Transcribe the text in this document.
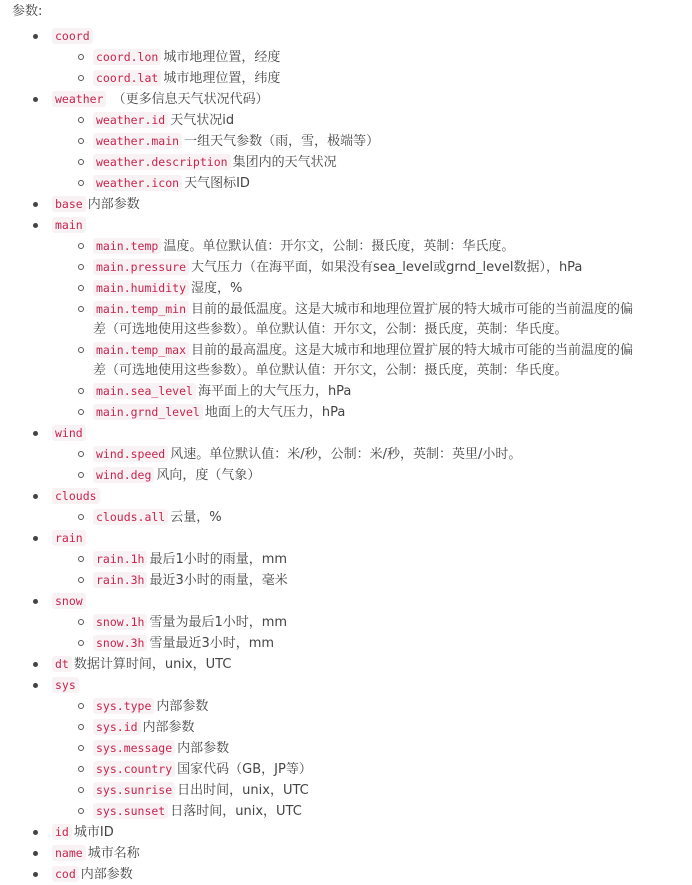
参数:
coord
coord.lon 城市地理位置，经度
coord.lat 城市地理位置，纬度
weather （更多信息天气状况代码）
weather.id 天气状况id
weather.main 一组天气参数（雨，雪，极端等）
weather.description 集团内的天气状况
weather.icon 天气图标ID
base 内部参数
main
main.temp 温度。单位默认值：开尔文，公制：摄氏度，英制：华氏度。
main.pressure 大气压力（在海平面，如果没有sea_level或grnd_level数据），hPa
main.humidity 湿度，%
main.temp_min 目前的最低温度。这是大城市和地理位置扩展的特大城市可能的当前温度的偏差（可选地使用这些参数）。单位默认值：开尔文，公制：摄氏度，英制：华氏度。
main.temp_max 目前的最高温度。这是大城市和地理位置扩展的特大城市可能的当前温度的偏差（可选地使用这些参数）。单位默认值：开尔文，公制：摄氏度，英制：华氏度。
main.sea_level 海平面上的大气压力，hPa
main.grnd_level 地面上的大气压力，hPa
wind
wind.speed 风速。单位默认值：米/秒，公制：米/秒，英制：英里/小时。
wind.deg 风向，度（气象）
clouds
clouds.all 云量，%
rain
rain.1h 最后1小时的雨量，mm
rain.3h 最近3小时的雨量，毫米
snow
snow.1h 雪量为最后1小时，mm
snow.3h 雪量最近3小时，mm
dt 数据计算时间，unix，UTC
sys
sys.type 内部参数
sys.id 内部参数
sys.message 内部参数
sys.country 国家代码（GB，JP等）
sys.sunrise 日出时间，unix，UTC
sys.sunset 日落时间，unix，UTC
id 城市ID
name 城市名称
cod 内部参数
